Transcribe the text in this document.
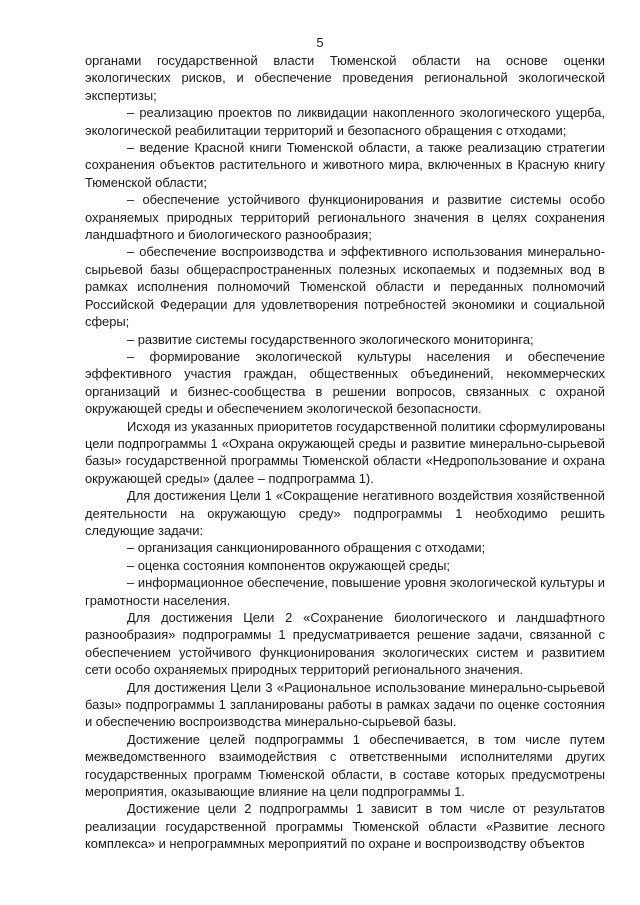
5

органами государственной власти Тюменской области на основе оценки экологических рисков, и обеспечение проведения региональной экологической экспертизы;

– реализацию проектов по ликвидации накопленного экологического ущерба, экологической реабилитации территорий и безопасного обращения с отходами;

– ведение Красной книги Тюменской области, а также реализацию стратегии сохранения объектов растительного и животного мира, включенных в Красную книгу Тюменской области;

– обеспечение устойчивого функционирования и развитие системы особо охраняемых природных территорий регионального значения в целях сохранения ландшафтного и биологического разнообразия;

– обеспечение воспроизводства и эффективного использования минерально-сырьевой базы общераспространенных полезных ископаемых и подземных вод в рамках исполнения полномочий Тюменской области и переданных полномочий Российской Федерации для удовлетворения потребностей экономики и социальной сферы;

– развитие системы государственного экологического мониторинга;

– формирование экологической культуры населения и обеспечение эффективного участия граждан, общественных объединений, некоммерческих организаций и бизнес-сообщества в решении вопросов, связанных с охраной окружающей среды и обеспечением экологической безопасности.

Исходя из указанных приоритетов государственной политики сформулированы цели подпрограммы 1 «Охрана окружающей среды и развитие минерально-сырьевой базы» государственной программы Тюменской области «Недропользование и охрана окружающей среды» (далее – подпрограмма 1).

Для достижения Цели 1 «Сокращение негативного воздействия хозяйственной деятельности на окружающую среду» подпрограммы 1 необходимо решить следующие задачи:

– организация санкционированного обращения с отходами;

– оценка состояния компонентов окружающей среды;

– информационное обеспечение, повышение уровня экологической культуры и грамотности населения.

Для достижения Цели 2 «Сохранение биологического и ландшафтного разнообразия» подпрограммы 1 предусматривается решение задачи, связанной с обеспечением устойчивого функционирования экологических систем и развитием сети особо охраняемых природных территорий регионального значения.

Для достижения Цели 3 «Рациональное использование минерально-сырьевой базы» подпрограммы 1 запланированы работы в рамках задачи по оценке состояния и обеспечению воспроизводства минерально-сырьевой базы.

Достижение целей подпрограммы 1 обеспечивается, в том числе путем межведомственного взаимодействия с ответственными исполнителями других государственных программ Тюменской области, в составе которых предусмотрены мероприятия, оказывающие влияние на цели подпрограммы 1.

Достижение цели 2 подпрограммы 1 зависит в том числе от результатов реализации государственной программы Тюменской области «Развитие лесного комплекса» и непрограммных мероприятий по охране и воспроизводству объектов
